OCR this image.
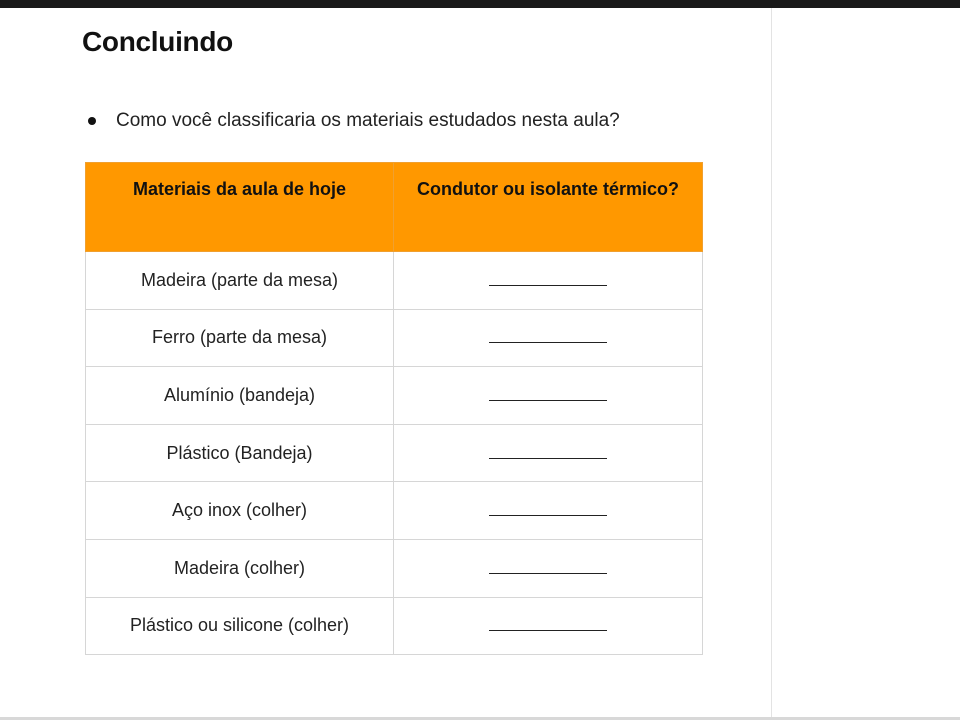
Concluindo
Como você classificaria os materiais estudados nesta aula?
Materiais da aula de hoje	Condutor ou isolante térmico?
Madeira (parte da mesa)	
Ferro (parte da mesa)	
Alumínio (bandeja)	
Plástico (Bandeja)	
Aço inox (colher)	
Madeira (colher)	
Plástico ou silicone (colher)	
